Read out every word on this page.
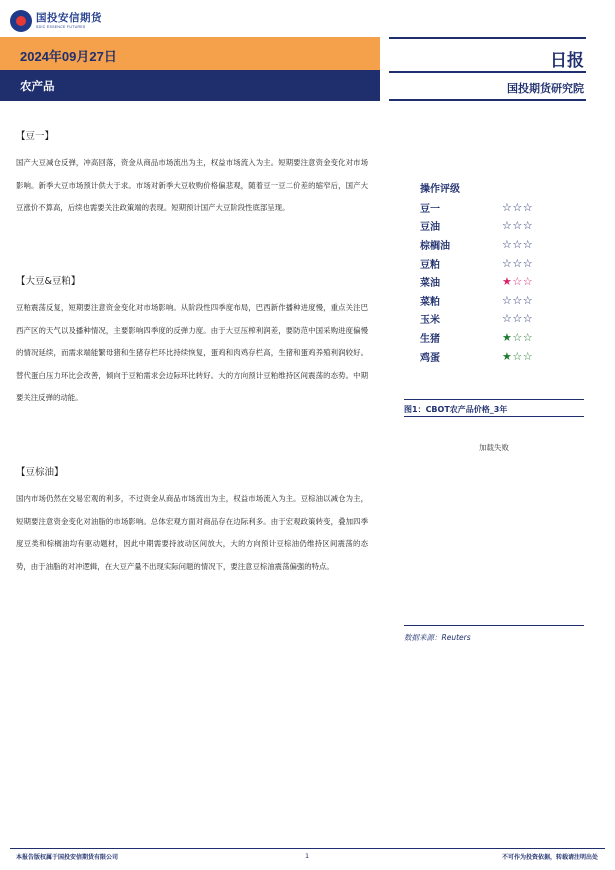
国投安信期货
SDIC ESSENCE FUTURES
2024年09月27日
农产品
日报
国投期货研究院
【豆一】
国产大豆减仓反弹，冲高回落，资金从商品市场流出为主，权益市场流入为主。短期要注意资金变化对市场影响。新季大豆市场预计供大于求。市场对新季大豆收购价格偏悲观，随着豆一豆二价差的缩窄后，国产大豆涨价不算高，后续也需要关注政策端的表现。短期预计国产大豆阶段性底部呈现。
【大豆&豆粕】
豆粕震荡反复，短期要注意资金变化对市场影响。从阶段性四季度布局，巴西新作播种进度慢，重点关注巴西产区的天气以及播种情况，主要影响四季度的反弹力度。由于大豆压榨利润差，要防范中国采购进度偏慢的情况延续，而需求端能繁母猪和生猪存栏环比持续恢复，蛋鸡和肉鸡存栏高，生猪和蛋鸡养殖利润较好。替代蛋白压力环比会改善，倾向于豆粕需求会边际环比转好。大的方向预计豆粕维持区间震荡的态势。中期要关注反弹的动能。
【豆棕油】
国内市场仍然在交易宏观的利多，不过资金从商品市场流出为主，权益市场流入为主。豆棕油以减仓为主，短期要注意资金变化对油脂的市场影响。总体宏观方面对商品存在边际利多。由于宏观政策转变，叠加四季度豆类和棕榈油均有驱动题材，因此中期需要持波动区间放大，大的方向预计豆棕油仍维持区间震荡的态势，由于油脂的对冲逻辑，在大豆产量不出现实际问题的情况下，要注意豆棕油震荡偏强的特点。
操作评级
豆一	☆☆☆
豆油	☆☆☆
棕榈油	☆☆☆
豆粕	☆☆☆
菜油	★☆☆
菜粕	☆☆☆
玉米	☆☆☆
生猪	★☆☆
鸡蛋	★☆☆
图1：CBOT农产品价格_3年
加载失败
数据来源：Reuters
本报告版权属于国投安信期货有限公司	1	不可作为投资依据，转载请注明出处
